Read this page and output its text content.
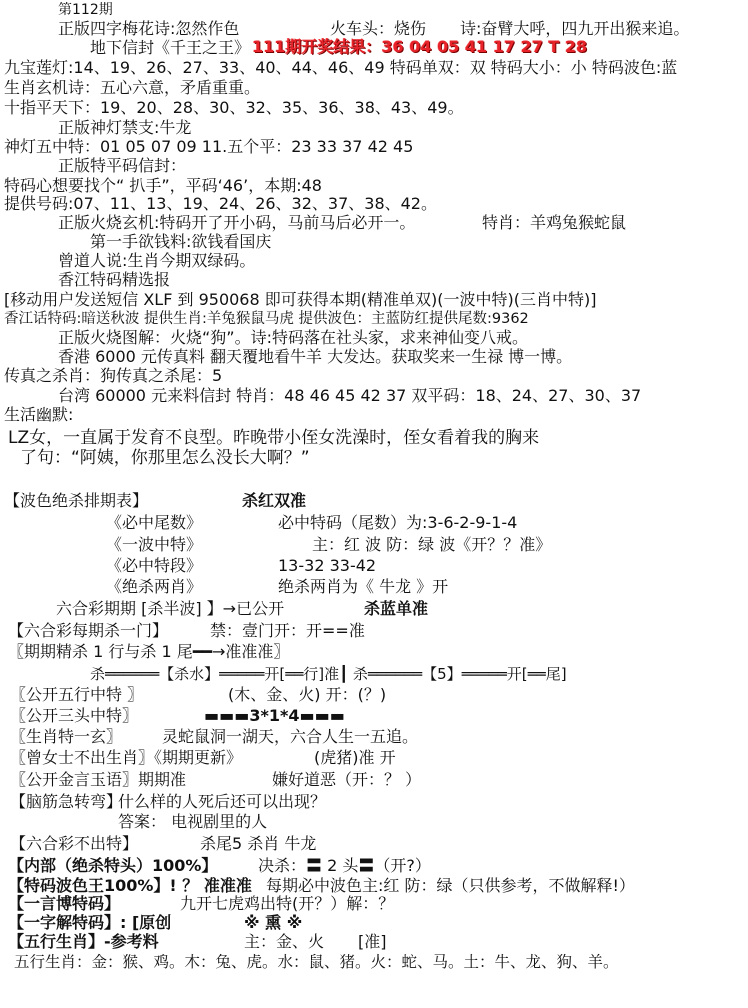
第112期
正版四字梅花诗:忽然作色	火车头：烧伤 诗:奋臂大呼，四九开出猴来追。
地下信封《千王之王》 111期开奖结果：36 04 05 41 17 27 T 28
九宝莲灯:14、19、26、27、33、40、44、46、49 特码单双：双 特码大小：小 特码波色:蓝
生肖玄机诗：五心六意，矛盾重重。
十指平天下：19、20、28、30、32、35、36、38、43、49。
正版神灯禁支:牛龙
神灯五中特：01 05 07 09 11.五个平：23 33 37 42 45
正版特平码信封：
特码心想要找个“ 扒手”，平码‘46’，本期:48
提供号码:07、11、13、19、24、26、32、37、38、42。
正版火烧玄机:特码开了开小码，马前马后必开一。	特肖：羊鸡兔猴蛇鼠
第一手欲钱料:欲钱看国庆
曾道人说:生肖今期双绿码。
香江特码精选报
[移动用户发送短信 XLF 到 950068 即可获得本期(精准单双)(一波中特)(三肖中特)]
香江话特码:暗送秋波 提供生肖:羊兔猴鼠马虎 提供波色：主蓝防红提供尾数:9362
正版火烧图解：火烧“狗”。诗:特码落在社头家，求来神仙变八戒。
香港 6000 元传真料 翻天覆地看牛羊 大发达。获取奖来一生禄 博一博。
传真之杀肖：狗传真之杀尾：5
台湾 60000 元来料信封 特肖：48 46 45 42 37 双平码：18、24、27、30、37
生活幽默:
LZ女，一直属于发育不良型。昨晚带小侄女洗澡时，侄女看着我的胸来
了句：“阿姨，你那里怎么没长大啊？”
【波色绝杀排期表】	杀红双准
《必中尾数》	必中特码（尾数）为:3-6-2-9-1-4
《一波中特》	主：红 波 防：绿 波《开？？准》
《必中特段》	13-32 33-42
《绝杀两肖》	绝杀两肖为《 牛龙 》开
六合彩期期 [杀半波] 】→已公开	杀蓝单准
【六合彩每期杀一门】	禁：壹门开：开==准
〖期期精杀 1 行与杀 1 尾━━→准准准〗
杀══════【杀水】═════开[══行]准┃ 杀══════【5】═════开[══尾]
〖公开五行中特 〗	(木、金、火) 开：(？)
〖公开三头中特〗	▬▬▬3*1*4▬▬▬
〖生肖特一玄〗 灵蛇鼠洞一湖天，六合人生一五追。
〖曾女士不出生肖〗《期期更新》	(虎猪)准 开
〖公开金言玉语〗期期准	嫌好道恶（开：？ ）
【脑筋急转弯】
什么样的人死后还可以出现？
答案： 电视剧里的人
【六合彩不出特】	杀尾5 杀肖 牛龙
【内部（绝杀特头）100%】	决杀：〓 2 头〓（开?）
【特码波色王100%】! ？ 准准准 每期必中波色主:红 防：绿（只供参考，不做解释!）
【一言博特码】	九开七虎鸡出特(开？）解：？
【一字解特码】: [原创	※ 熏 ※
【五行生肖】-参考料	主：金、火 [准]
五行生肖：金：猴、鸡。木：兔、虎。水：鼠、猪。火：蛇、马。土：牛、龙、狗、羊。
